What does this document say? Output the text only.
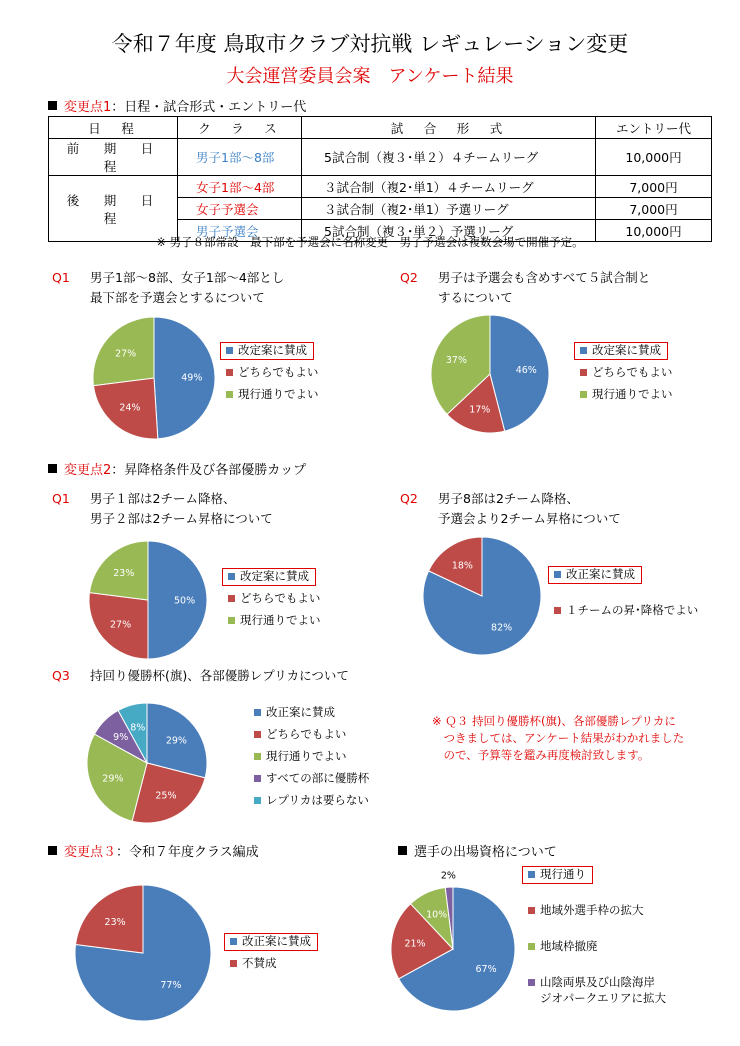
令和７年度 鳥取市クラブ対抗戦 レギュレーション変更
大会運営委員会案　アンケート結果
変更点1：日程・試合形式・エントリー代
日　程	ク　ラ　ス	試　合　形　式	エントリー代
前　期　日　程	男子1部〜8部	5試合制（複３･単２）４チームリーグ	10,000円
後　期　日　程	女子1部〜4部	３試合制（複2･単1）４チームリーグ	7,000円
	女子予選会	３試合制（複2･単1）予選リーグ	7,000円
	男子予選会	5試合制（複３･単２）予選リーグ	10,000円
※ 男子８部常設　最下部を予選会に名称変更　男子予選会は複数会場で開催予定。
Q1 男子1部〜8部、女子1部〜4部とし
最下部を予選会とするについて
Q2 男子は予選会も含めすべて５試合制と
するについて
変更点2：昇降格条件及び各部優勝カップ
Q1 男子１部は2チーム降格、
男子２部は2チーム昇格について
Q2 男子8部は2チーム降格、
予選会より2チーム昇格について
Q3 持回り優勝杯(旗)、各部優勝レプリカについて
※ Ｑ３ 持回り優勝杯(旗)、各部優勝レプリカに
　つきましては、アンケート結果がわかれました
　ので、予算等を鑑み再度検討致します。
変更点３：令和７年度クラス編成	選手の出場資格について
49%
24%
27%
46%
17%
37%
50%
27%
23%
82%
18%
29%
25%
29%
9%
8%
77%
23%
67%
21%
10%
2%
改定案に賛成
どちらでもよい
現行通りでよい
改定案に賛成
どちらでもよい
現行通りでよい
改定案に賛成
どちらでもよい
現行通りでよい
改正案に賛成
１チームの昇･降格でよい
改正案に賛成
どちらでもよい
現行通りでよい
すべての部に優勝杯
レプリカは要らない
改正案に賛成
不賛成
現行通り
地域外選手枠の拡大
地域枠撤廃
山陰両県及び山陰海岸
ジオパークエリアに拡大
